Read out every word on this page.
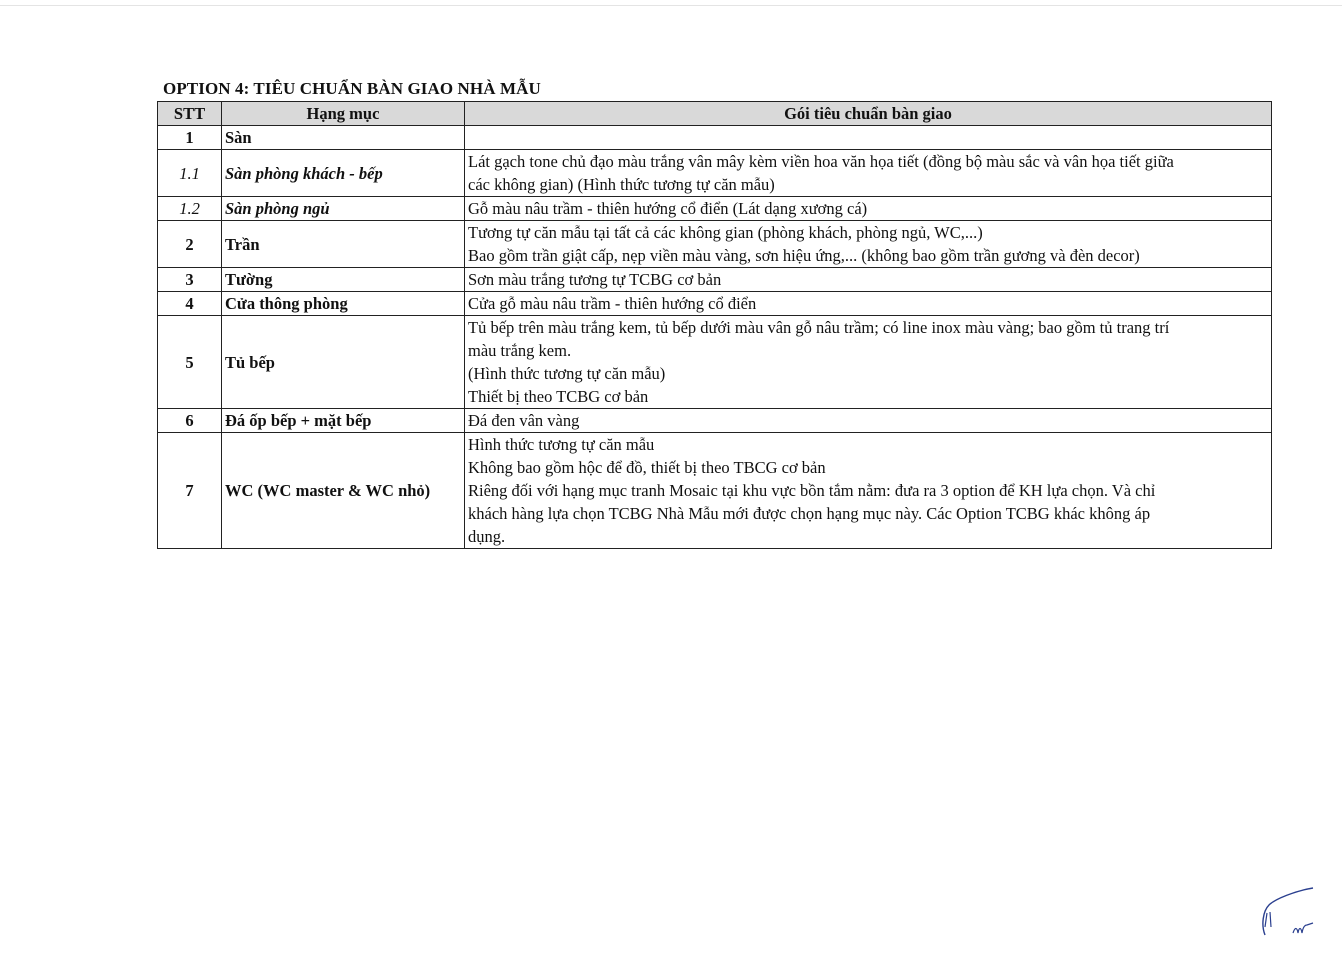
OPTION 4: TIÊU CHUẨN BÀN GIAO NHÀ MẪU
STT	Hạng mục	Gói tiêu chuẩn bàn giao
1	Sàn	

1.1	Sàn phòng khách - bếp	Lát gạch tone chủ đạo màu trắng vân mây kèm viền hoa văn họa tiết (đồng bộ màu sắc và vân họa tiết giữa
các không gian) (Hình thức tương tự căn mẫu)

1.2	Sàn phòng ngủ	Gỗ màu nâu trầm - thiên hướng cổ điển (Lát dạng xương cá)

2	Trần	Tương tự căn mẫu tại tất cả các không gian (phòng khách, phòng ngủ, WC,...)
Bao gồm trần giật cấp, nẹp viền màu vàng, sơn hiệu ứng,... (không bao gồm trần gương và đèn decor)

3	Tường	Sơn màu trắng tương tự TCBG cơ bản

4	Cửa thông phòng	Cửa gỗ màu nâu trầm - thiên hướng cổ điển

5	Tủ bếp	Tủ bếp trên màu trắng kem, tủ bếp dưới màu vân gỗ nâu trầm; có line inox màu vàng; bao gồm tủ trang trí
màu trắng kem.
(Hình thức tương tự căn mẫu)
Thiết bị theo TCBG cơ bản

6	Đá ốp bếp + mặt bếp	Đá đen vân vàng

7	WC (WC master & WC nhỏ)	Hình thức tương tự căn mẫu
Không bao gồm hộc để đồ, thiết bị theo TBCG cơ bản
Riêng đối với hạng mục tranh Mosaic tại khu vực bồn tắm nằm: đưa ra 3 option để KH lựa chọn. Và chỉ
khách hàng lựa chọn TCBG Nhà Mẫu mới được chọn hạng mục này. Các Option TCBG khác không áp
dụng.
